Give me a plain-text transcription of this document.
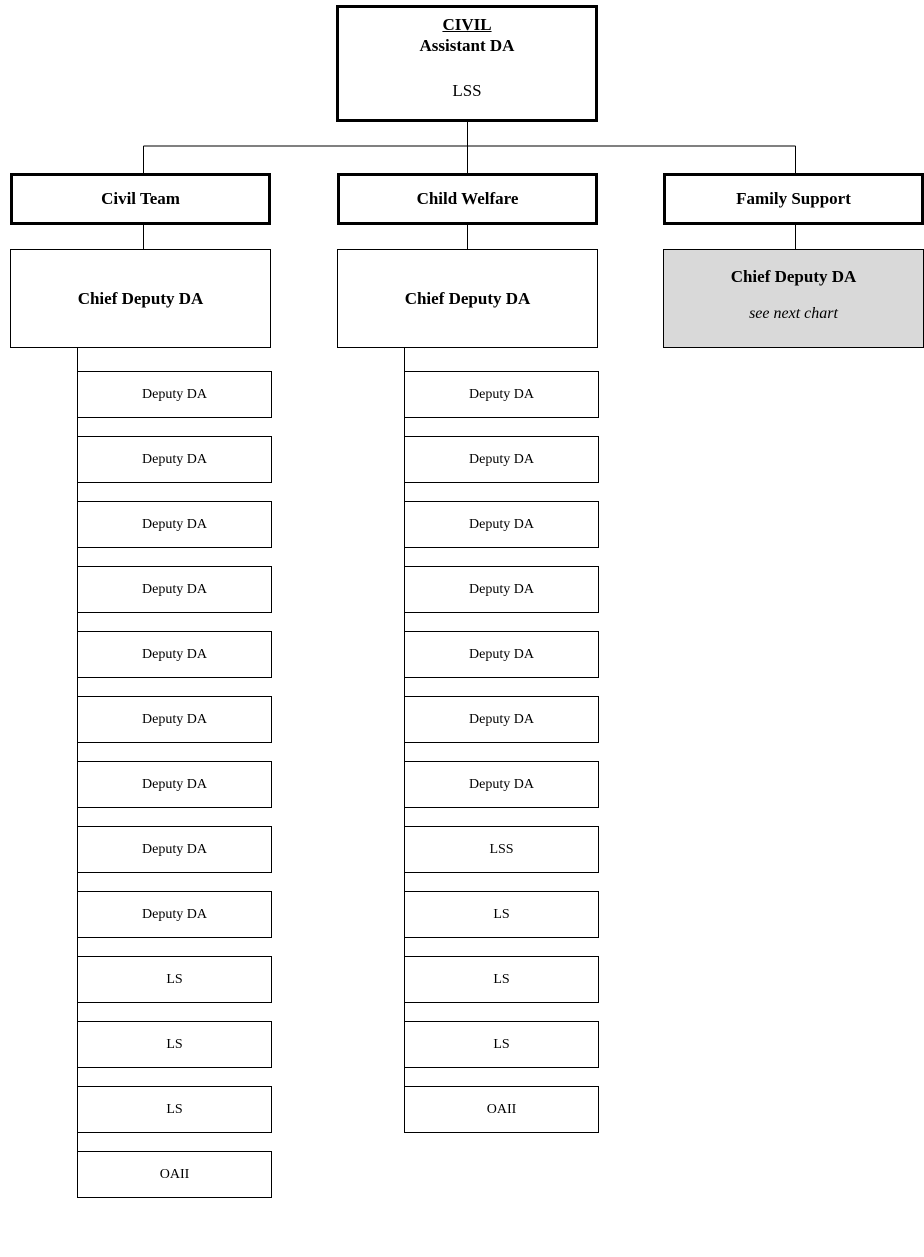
CIVIL
Assistant DA
LSS
Civil Team	Child Welfare	Family Support
Chief Deputy DA	Chief Deputy DA
Chief Deputy DA
see next chart
Deputy DA
Deputy DA
Deputy DA
Deputy DA
Deputy DA
Deputy DA
Deputy DA
Deputy DA
Deputy DA
LS
LS
LS
OAII
Deputy DA
Deputy DA
Deputy DA
Deputy DA
Deputy DA
Deputy DA
Deputy DA
LSS
LS
LS
LS
OAII
